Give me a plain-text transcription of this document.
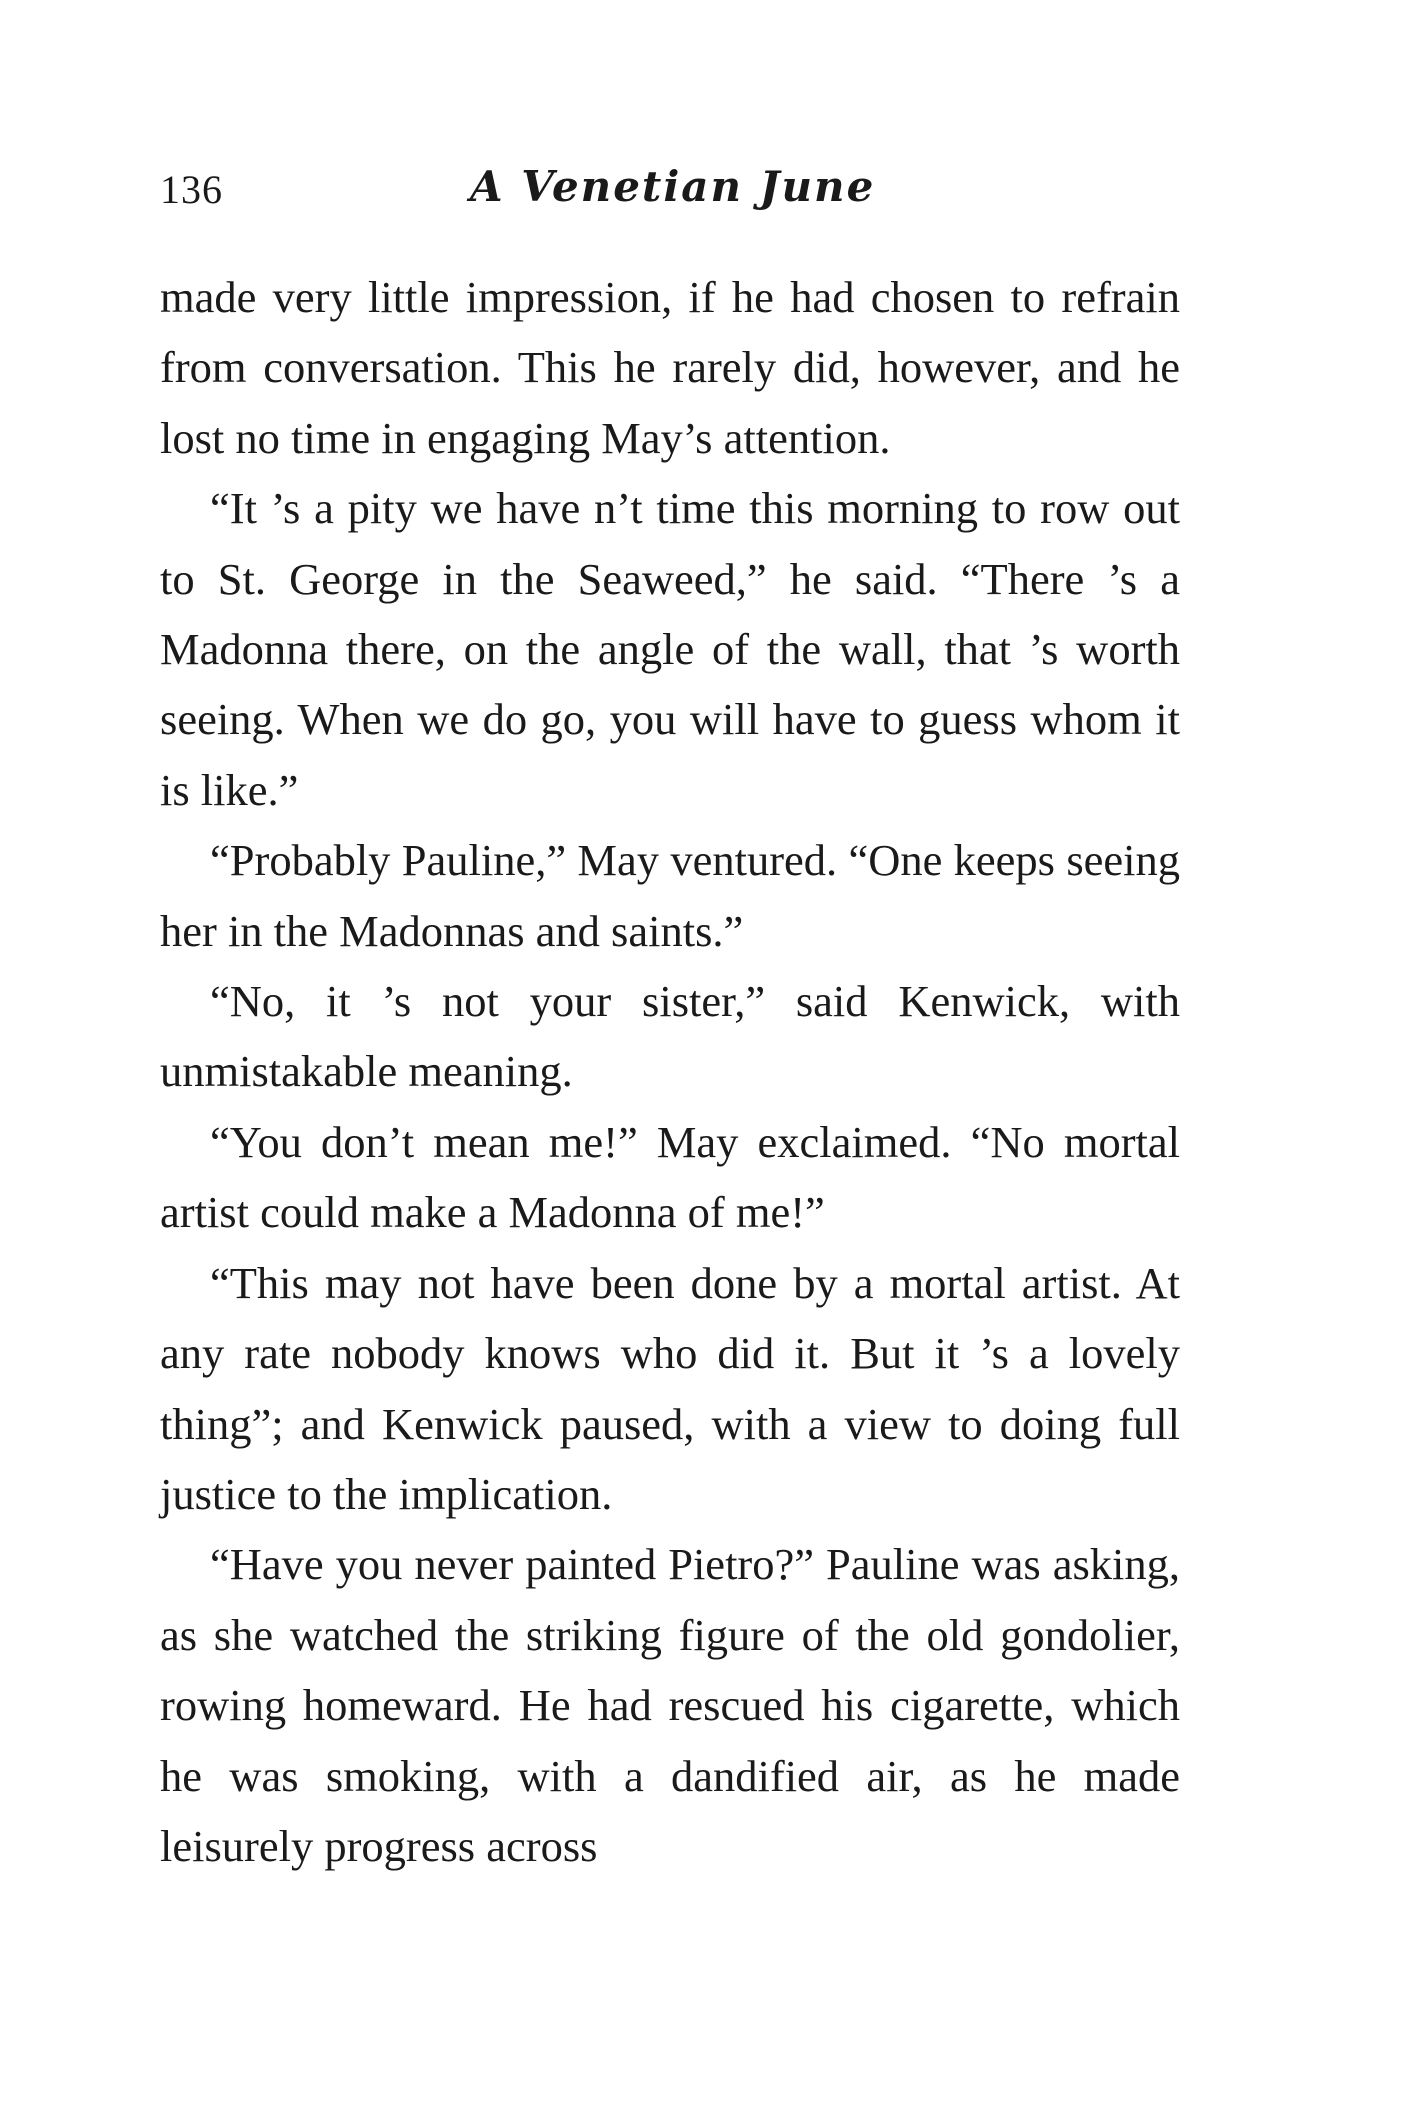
136	A Venetian June

made very little impression, if he had chosen to refrain from conversation. This he rarely did, however, and he lost no time in engaging May’s attention.

“It ’s a pity we have n’t time this morning to row out to St. George in the Seaweed,” he said. “There ’s a Madonna there, on the angle of the wall, that ’s worth seeing. When we do go, you will have to guess whom it is like.”

“Probably Pauline,” May ventured. “One keeps seeing her in the Madonnas and saints.”

“No, it ’s not your sister,” said Kenwick, with unmistakable meaning.

“You don’t mean me!” May exclaimed. “No mortal artist could make a Madonna of me!”

“This may not have been done by a mortal artist. At any rate nobody knows who did it. But it ’s a lovely thing”; and Kenwick paused, with a view to doing full justice to the implication.

“Have you never painted Pietro?” Pauline was asking, as she watched the striking figure of the old gondolier, rowing homeward. He had rescued his cigarette, which he was smoking, with a dandified air, as he made leisurely progress across
